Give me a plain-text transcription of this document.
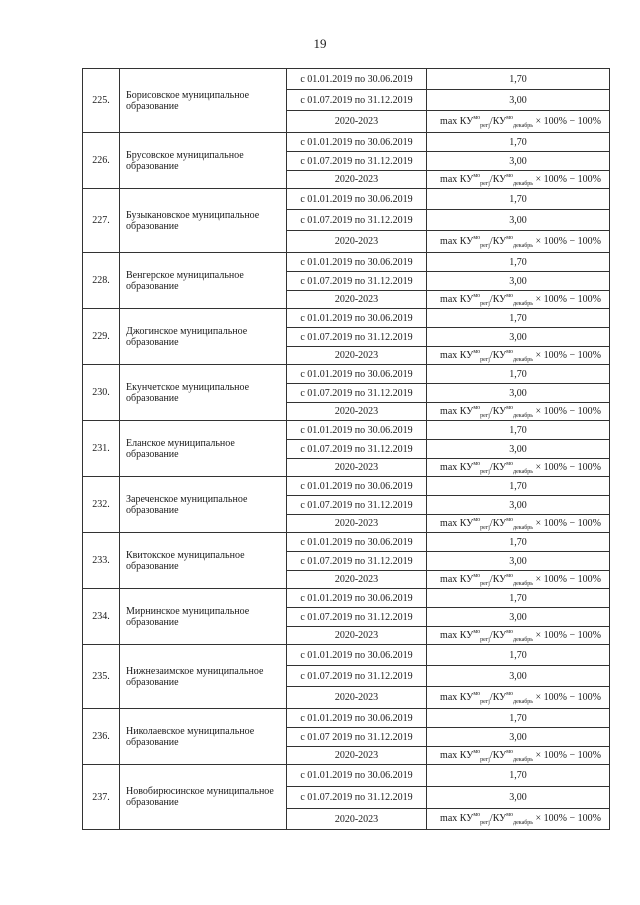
19
225.	Борисовское муниципальное образование	с 01.01.2019 по 30.06.2019	1,70
		с 01.07.2019 по 31.12.2019	3,00
		2020-2023	$\max КУ^{мо}_{регj}/КУ^{мо}_{декабрь} \times 100\% - 100\%$
226.	Брусовское муниципальное образование	с 01.01.2019 по 30.06.2019	1,70
		с 01.07.2019 по 31.12.2019	3,00
		2020-2023	$\max КУ^{мо}_{регj}/КУ^{мо}_{декабрь} \times 100\% - 100\%$
227.	Бузыкановское муниципальное образование	с 01.01.2019 по 30.06.2019	1,70
		с 01.07.2019 по 31.12.2019	3,00
		2020-2023	$\max КУ^{мо}_{регj}/КУ^{мо}_{декабрь} \times 100\% - 100\%$
228.	Венгерское муниципальное образование	с 01.01.2019 по 30.06.2019	1,70
		с 01.07.2019 по 31.12.2019	3,00
		2020-2023	$\max КУ^{мо}_{регj}/КУ^{мо}_{декабрь} \times 100\% - 100\%$
229.	Джогинское муниципальное образование	с 01.01.2019 по 30.06.2019	1,70
		с 01.07.2019 по 31.12.2019	3,00
		2020-2023	$\max КУ^{мо}_{регj}/КУ^{мо}_{декабрь} \times 100\% - 100\%$
230.	Екунчетское муниципальное образование	с 01.01.2019 по 30.06.2019	1,70
		с 01.07.2019 по 31.12.2019	3,00
		2020-2023	$\max КУ^{мо}_{регj}/КУ^{мо}_{декабрь} \times 100\% - 100\%$
231.	Еланское муниципальное образование	с 01.01.2019 по 30.06.2019	1,70
		с 01.07.2019 по 31.12.2019	3,00
		2020-2023	$\max КУ^{мо}_{регj}/КУ^{мо}_{декабрь} \times 100\% - 100\%$
232.	Зареченское муниципальное образование	с 01.01.2019 по 30.06.2019	1,70
		с 01.07.2019 по 31.12.2019	3,00
		2020-2023	$\max КУ^{мо}_{регj}/КУ^{мо}_{декабрь} \times 100\% - 100\%$
233.	Квитокское муниципальное образование	с 01.01.2019 по 30.06.2019	1,70
		с 01.07.2019 по 31.12.2019	3,00
		2020-2023	$\max КУ^{мо}_{регj}/КУ^{мо}_{декабрь} \times 100\% - 100\%$
234.	Мирнинское муниципальное образование	с 01.01.2019 по 30.06.2019	1,70
		с 01.07.2019 по 31.12.2019	3,00
		2020-2023	$\max КУ^{мо}_{регj}/КУ^{мо}_{декабрь} \times 100\% - 100\%$
235.	Нижнезаимское муниципальное образование	с 01.01.2019 по 30.06.2019	1,70
		с 01.07.2019 по 31.12.2019	3,00
		2020-2023	$\max КУ^{мо}_{регj}/КУ^{мо}_{декабрь} \times 100\% - 100\%$
236.	Николаевское муниципальное образование	с 01.01.2019 по 30.06.2019	1,70
		с 01.07 2019 по 31.12.2019	3,00
		2020-2023	$\max КУ^{мо}_{регj}/КУ^{мо}_{декабрь} \times 100\% - 100\%$
237.	Новобирюсинское муниципальное образование	с 01.01.2019 по 30.06.2019	1,70
		с 01.07.2019 по 31.12.2019	3,00
		2020-2023	$\max КУ^{мо}_{регj}/КУ^{мо}_{декабрь} \times 100\% - 100\%$
